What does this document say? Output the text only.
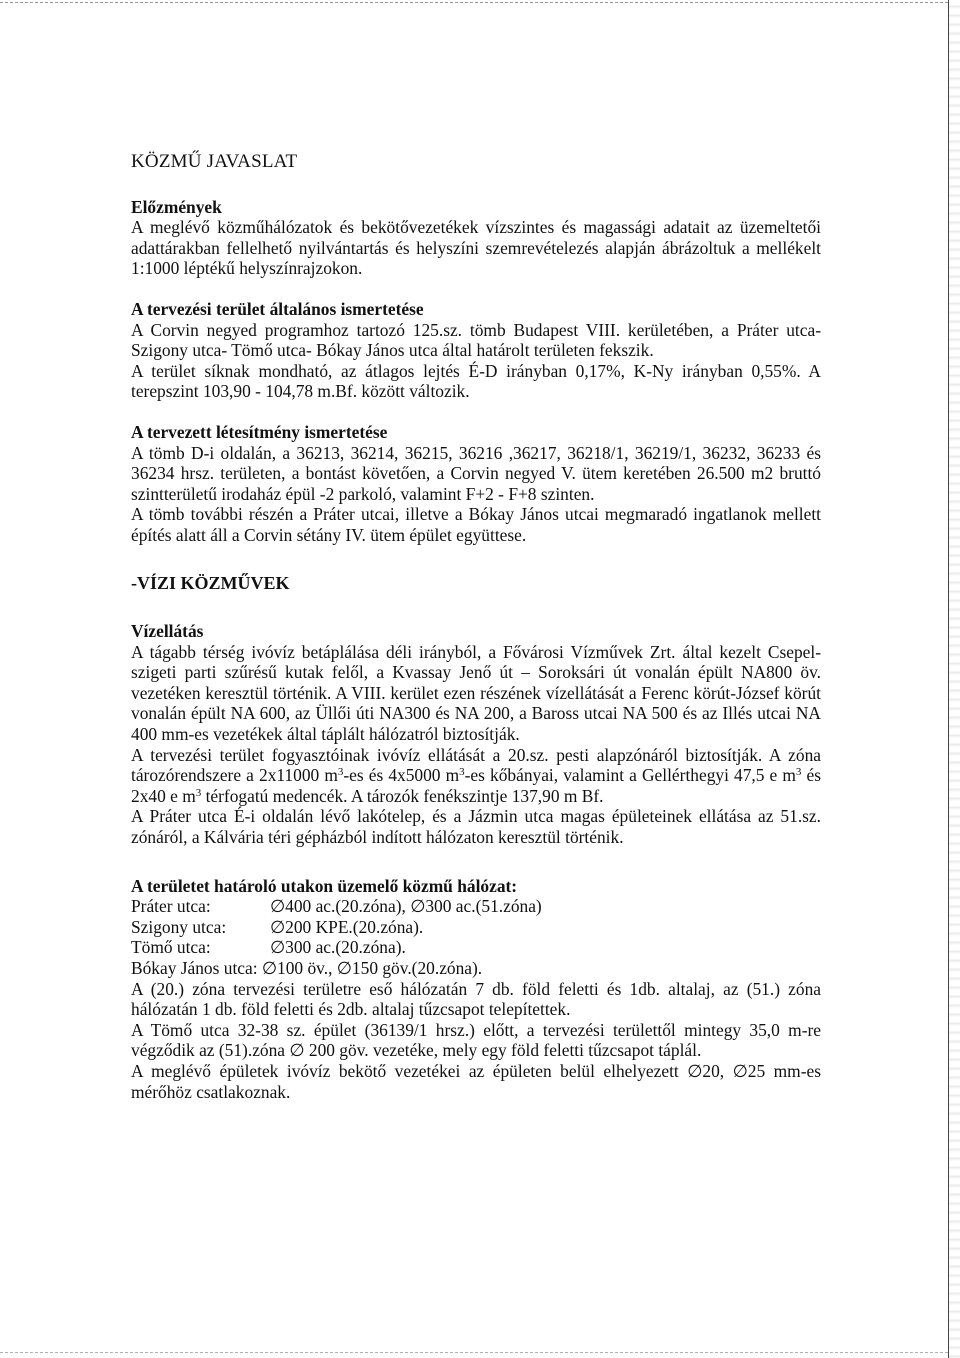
KÖZMŰ JAVASLAT
Előzmények

A meglévő közműhálózatok és bekötővezetékek vízszintes és magassági adatait az üzemeltetői adattárakban fellelhető nyilvántartás és helyszíni szemrevételezés alapján ábrázoltuk a mellékelt 1:1000 léptékű helyszínrajzokon.

A tervezési terület általános ismertetése

A Corvin negyed programhoz tartozó 125.sz. tömb Budapest VIII. kerületében, a Práter utca-Szigony utca- Tömő utca- Bókay János utca által határolt területen fekszik.

A terület síknak mondható, az átlagos lejtés É-D irányban 0,17%, K-Ny irányban 0,55%. A terepszint 103,90 - 104,78 m.Bf. között változik.

A tervezett létesítmény ismertetése

A tömb D-i oldalán, a 36213, 36214, 36215, 36216 ,36217, 36218/1, 36219/1, 36232, 36233 és 36234 hrsz. területen, a bontást követően, a Corvin negyed V. ütem keretében 26.500 m2 bruttó szintterületű irodaház épül -2 parkoló, valamint F+2 - F+8 szinten.

A tömb további részén a Práter utcai, illetve a Bókay János utcai megmaradó ingatlanok mellett építés alatt áll a Corvin sétány IV. ütem épület együttese.

-VÍZI KÖZMŰVEK
Vízellátás

A tágabb térség ivóvíz betáplálása déli irányból, a Fővárosi Vízművek Zrt. által kezelt Csepel-szigeti parti szűrésű kutak felől, a Kvassay Jenő út – Soroksári út vonalán épült NA800 öv. vezetéken keresztül történik. A VIII. kerület ezen részének vízellátását a Ferenc körút-József körút vonalán épült NA 600, az Üllői úti NA300 és NA 200, a Baross utcai NA 500 és az Illés utcai NA 400 mm-es vezetékek által táplált hálózatról biztosítják.

A tervezési terület fogyasztóinak ivóvíz ellátását a 20.sz. pesti alapzónáról biztosítják. A zóna tározórendszere a 2x11000 $m^3-es$ és 4x5000 $m^3-es$ kőbányai, valamint a Gellérthegyi 47,5 e $m^3$ és 2x40 e $m^3$ térfogatú medencék. A tározók fenékszintje 137,90 m Bf.

A Práter utca É-i oldalán lévő lakótelep, és a Jázmin utca magas épületeinek ellátása az 51.sz. zónáról, a Kálvária téri gépházból indított hálózaton keresztül történik.

A területet határoló utakon üzemelő közmű hálózat:
Práter utca:	∅400 ac.(20.zóna), ∅300 ac.(51.zóna)
Szigony utca:	∅200 KPE.(20.zóna).
Tömő utca:	∅300 ac.(20.zóna).

Bókay János utca: ∅100 öv., ∅150 göv.(20.zóna).

A (20.) zóna tervezési területre eső hálózatán 7 db. föld feletti és 1db. altalaj, az (51.) zóna hálózatán 1 db. föld feletti és 2db. altalaj tűzcsapot telepítettek.

A Tömő utca 32-38 sz. épület (36139/1 hrsz.) előtt, a tervezési területtől mintegy 35,0 m-re végződik az (51).zóna ∅ 200 göv. vezetéke, mely egy föld feletti tűzcsapot táplál.

A meglévő épületek ivóvíz bekötő vezetékei az épületen belül elhelyezett ∅20, ∅25 mm-es mérőhöz csatlakoznak.
